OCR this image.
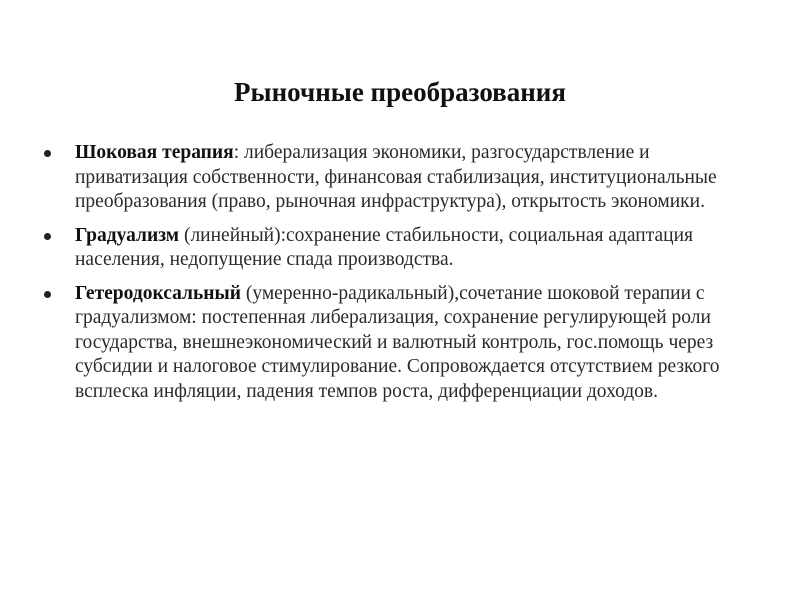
Рыночные преобразования
Шоковая терапия: либерализация экономики, разгосударствление и приватизация собственности, финансовая стабилизация, институциональные преобразования (право, рыночная инфраструктура), открытость экономики.
Градуализм (линейный):сохранение стабильности, социальная адаптация населения, недопущение спада производства.
Гетеродоксальный (умеренно-радикальный),сочетание шоковой терапии с градуализмом: постепенная либерализация, сохранение регулирующей роли государства, внешнеэкономический и валютный контроль, гос.помощь через субсидии и налоговое стимулирование. Сопровождается отсутствием резкого всплеска инфляции, падения темпов роста, дифференциации доходов.
